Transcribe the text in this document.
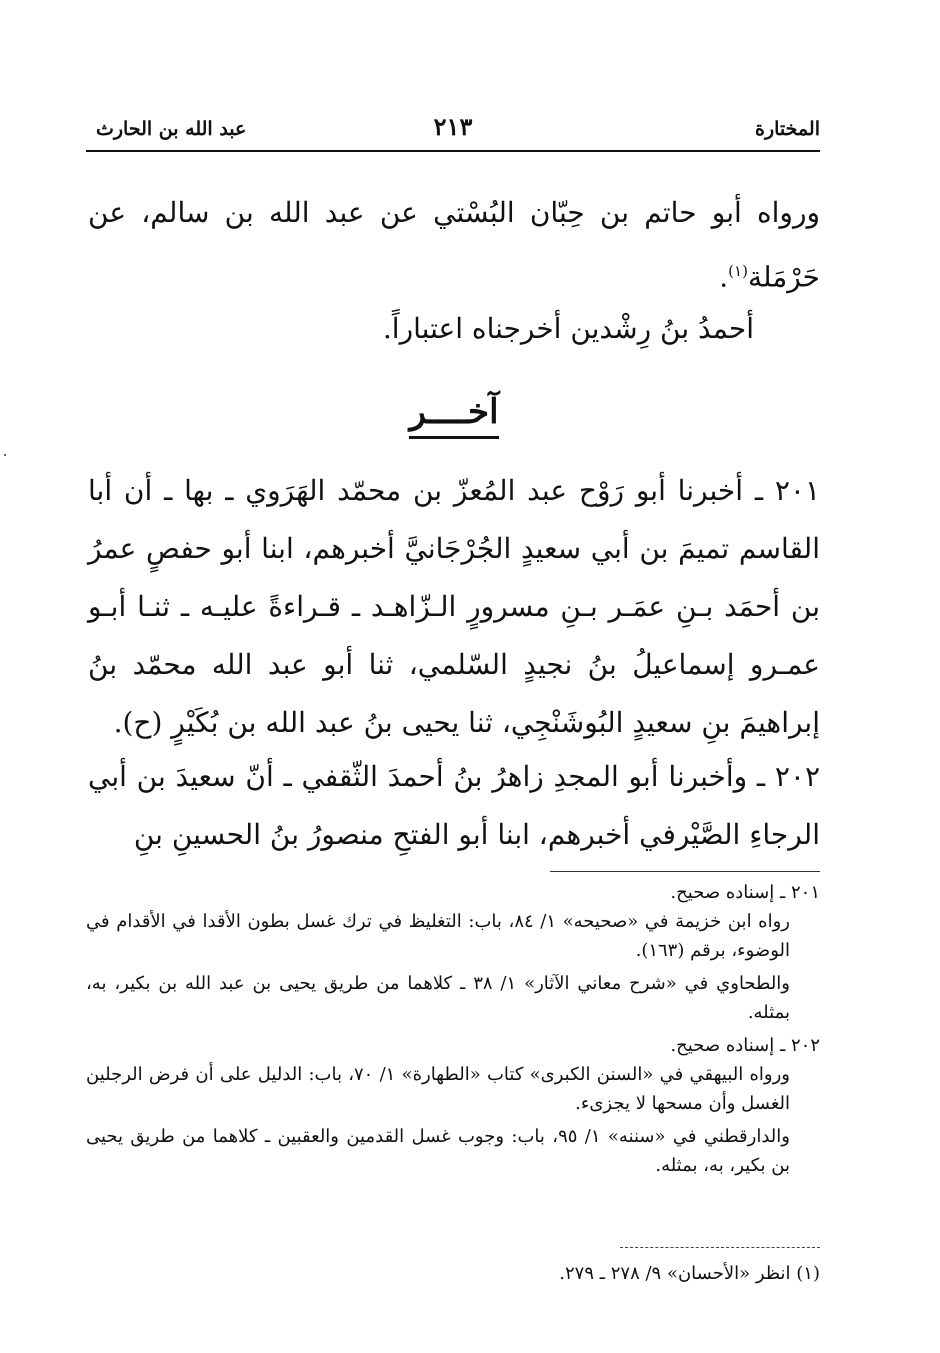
المختارة
٢١٣
عبد الله بن الحارث

ورواه أبو حاتم بن حِبّان البُسْتي عن عبد الله بن سالم، عن حَرْمَلة$^{(١)}$.

أحمدُ بنُ رِشْدين أخرجناه اعتباراً.

آخــــر

٢٠١ ـ أخبرنا أبو رَوْح عبد المُعزّ بن محمّد الهَرَوي ـ بها ـ أن أبا القاسم تميمَ بن أبي سعيدٍ الجُرْجَانيَّ أخبرهم، ابنا أبو حفصٍ عمرُ بن أحمَد بـنِ عمَـر بـنِ مسرورٍ الـزّاهـد ـ قـراءةً عليـه ـ ثنـا أبـو عمـرو إسماعيلُ بنُ نجيدٍ السّلمي، ثنا أبو عبد الله محمّد بنُ إبراهيمَ بنِ سعيدٍ البُوشَنْجِي، ثنا يحيى بنُ عبد الله بن بُكَيْرٍ (ح).

٢٠٢ ـ وأخبرنا أبو المجدِ زاهرُ بنُ أحمدَ الثّقفي ـ أنّ سعيدَ بن أبي الرجاءِ الصَّيْرفي أخبرهم، ابنا أبو الفتحِ منصورُ بنُ الحسينِ بنِ

٢٠١ ـ إسناده صحيح.

رواه ابن خزيمة في «صحيحه» ١/ ٨٤، باب: التغليظ في ترك غسل بطون الأقدا في الأقدام في الوضوء، برقم (١٦٣).

والطحاوي في «شرح معاني الآثار» ١/ ٣٨ ـ كلاهما من طريق يحيى بن عبد الله بن بكير، به، بمثله.

٢٠٢ ـ إسناده صحيح.

ورواه البيهقي في «السنن الكبرى» كتاب «الطهارة» ١/ ٧٠، باب: الدليل على أن فرض الرجلين الغسل وأن مسحها لا يجزىء.

والدارقطني في «سننه» ١/ ٩٥، باب: وجوب غسل القدمين والعقبين ـ كلاهما من طريق يحيى بن بكير، به، بمثله.

(١) انظر «الأحسان» ٩/ ٢٧٨ ـ ٢٧٩.
